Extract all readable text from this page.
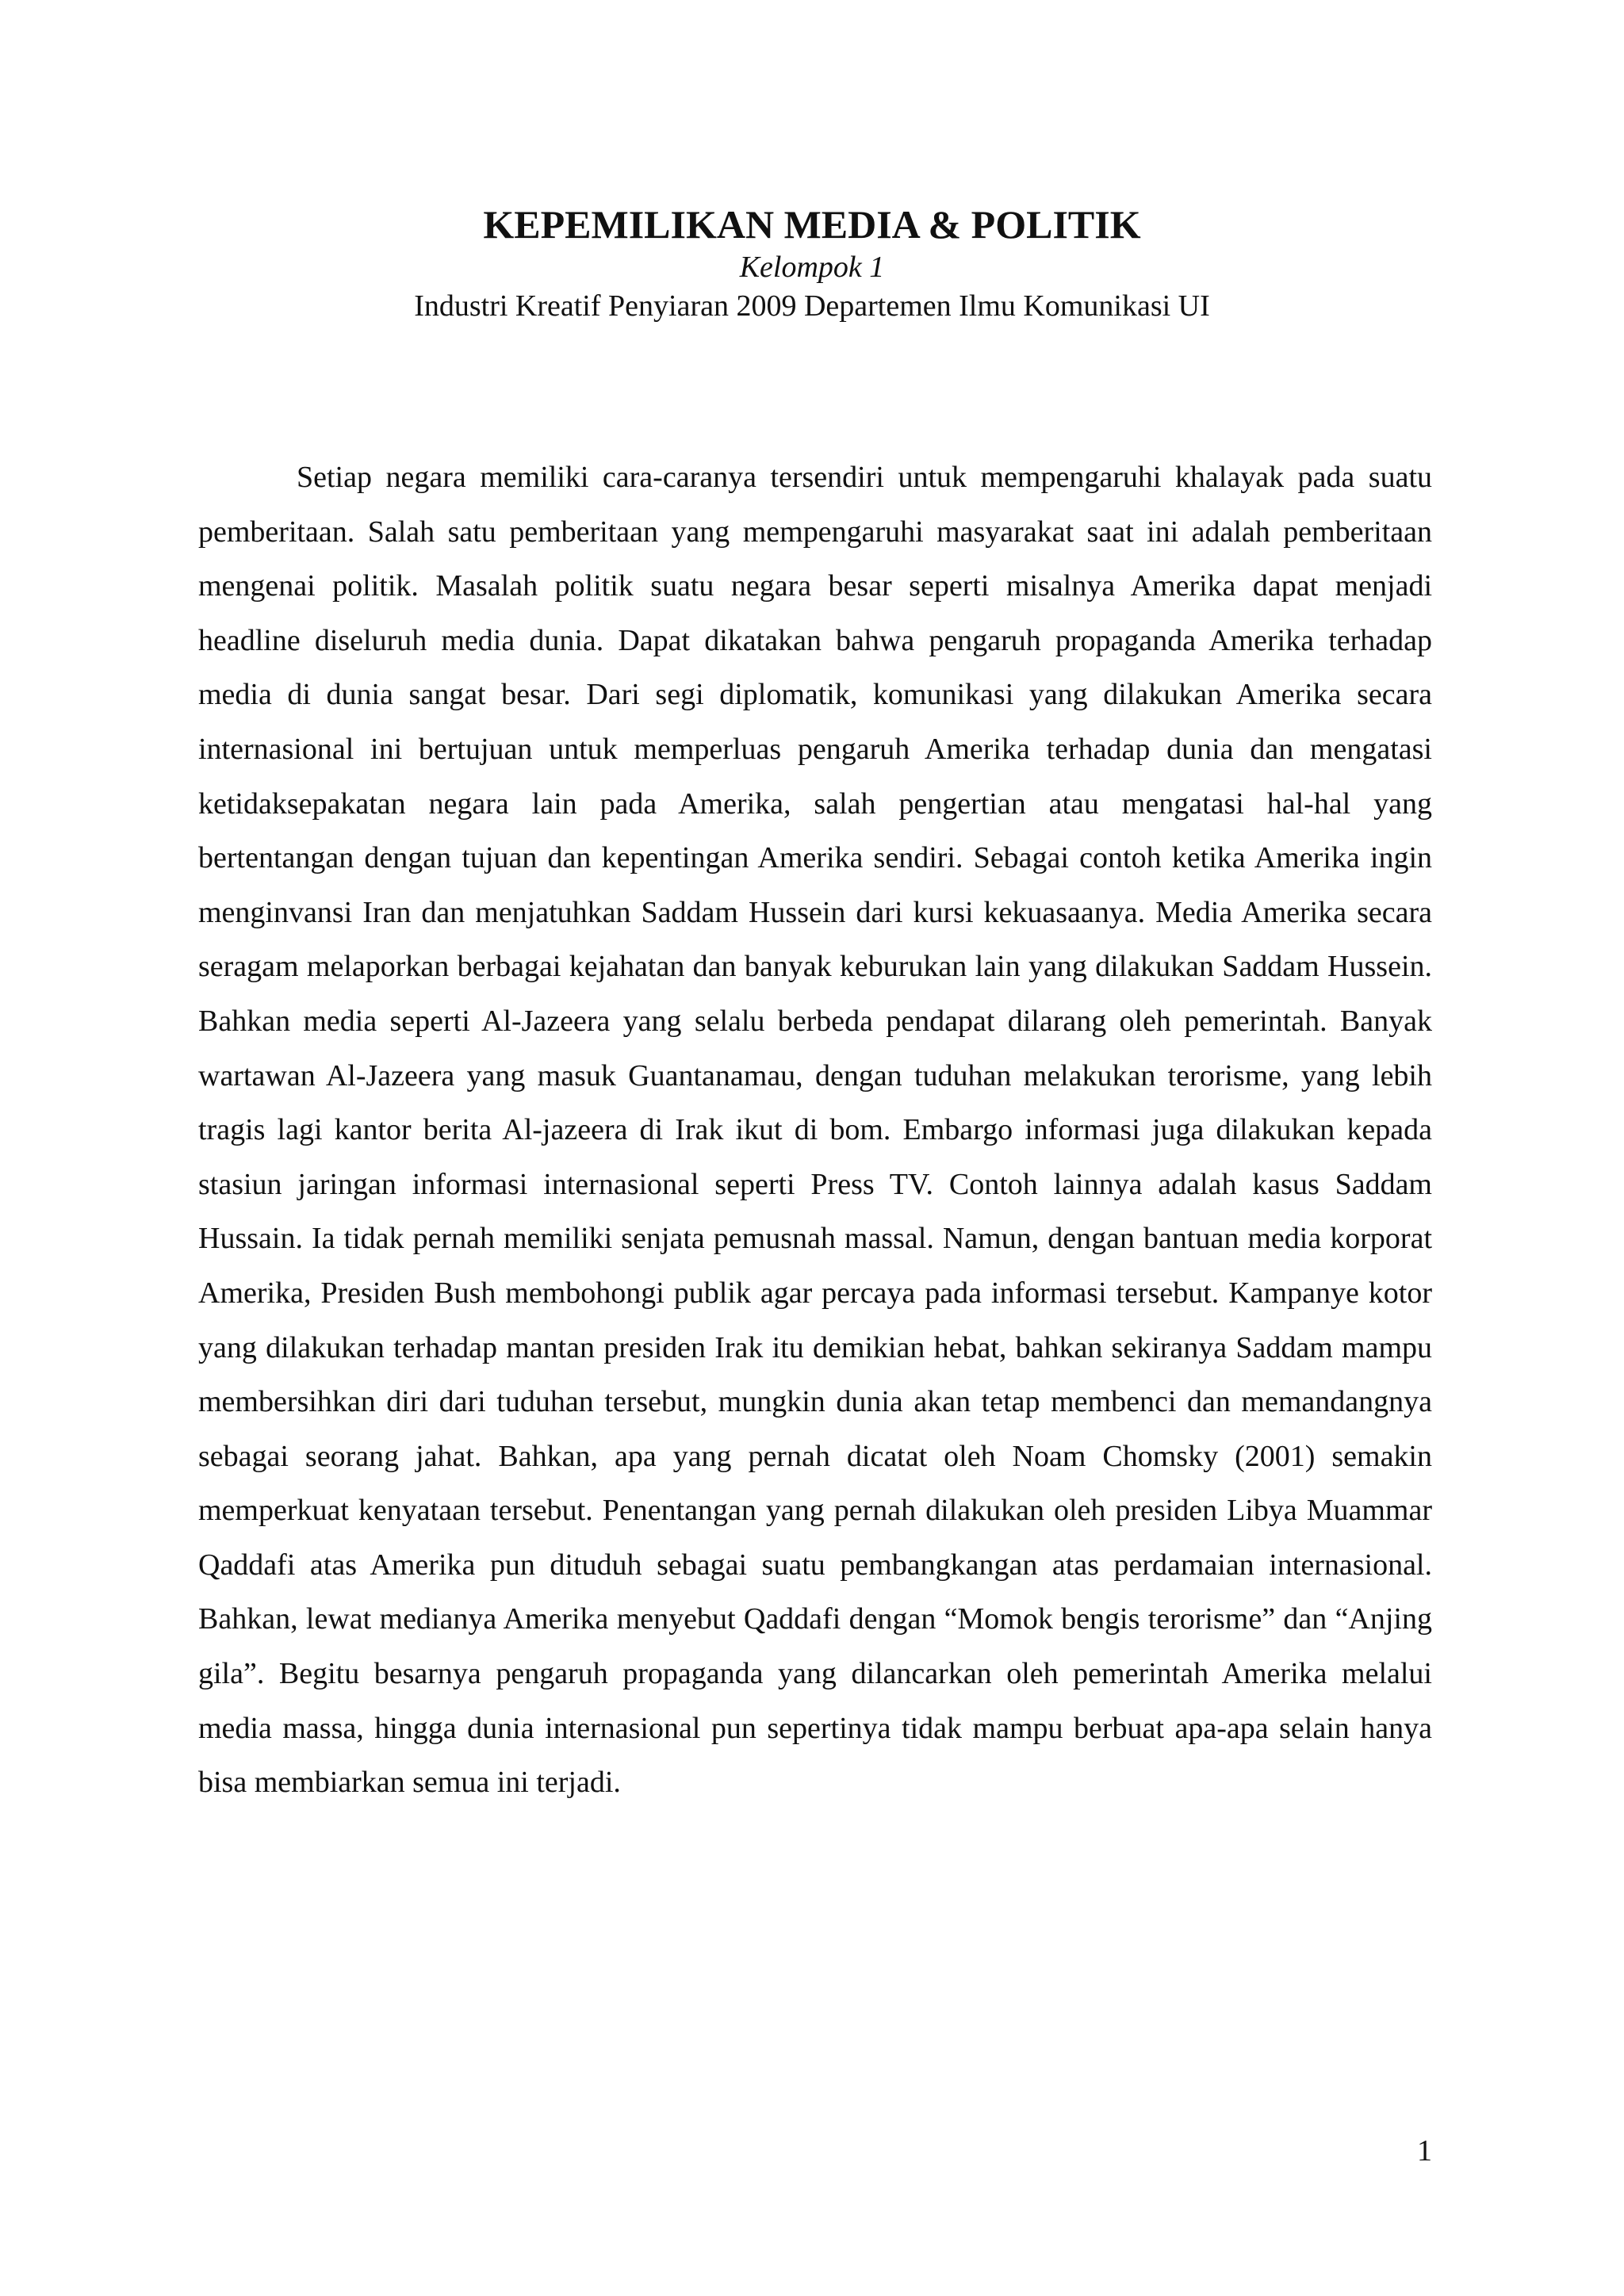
KEPEMILIKAN MEDIA & POLITIK

Kelompok 1

Industri Kreatif Penyiaran 2009 Departemen Ilmu Komunikasi UI

Setiap negara memiliki cara-caranya tersendiri untuk mempengaruhi khalayak pada suatu pemberitaan. Salah satu pemberitaan yang mempengaruhi masyarakat saat ini adalah pemberitaan mengenai politik. Masalah politik suatu negara besar seperti misalnya Amerika dapat menjadi headline diseluruh media dunia. Dapat dikatakan bahwa pengaruh propaganda Amerika terhadap media di dunia sangat besar. Dari segi diplomatik, komunikasi yang dilakukan Amerika secara internasional ini bertujuan untuk memperluas pengaruh Amerika terhadap dunia dan mengatasi ketidaksepakatan negara lain pada Amerika, salah pengertian atau mengatasi hal-hal yang bertentangan dengan tujuan dan kepentingan Amerika sendiri. Sebagai contoh ketika Amerika ingin menginvansi Iran dan menjatuhkan Saddam Hussein dari kursi kekuasaanya. Media Amerika secara seragam melaporkan berbagai kejahatan dan banyak keburukan lain yang dilakukan Saddam Hussein. Bahkan media seperti Al-Jazeera yang selalu berbeda pendapat dilarang oleh pemerintah. Banyak wartawan Al-Jazeera yang masuk Guantanamau, dengan tuduhan melakukan terorisme, yang lebih tragis lagi kantor berita Al-jazeera di Irak ikut di bom. Embargo informasi juga dilakukan kepada stasiun jaringan informasi internasional seperti Press TV. Contoh lainnya adalah kasus Saddam Hussain. Ia tidak pernah memiliki senjata pemusnah massal. Namun, dengan bantuan media korporat Amerika, Presiden Bush membohongi publik agar percaya pada informasi tersebut. Kampanye kotor yang dilakukan terhadap mantan presiden Irak itu demikian hebat, bahkan sekiranya Saddam mampu membersihkan diri dari tuduhan tersebut, mungkin dunia akan tetap membenci dan memandangnya sebagai seorang jahat. Bahkan, apa yang pernah dicatat oleh Noam Chomsky (2001) semakin memperkuat kenyataan tersebut. Penentangan yang pernah dilakukan oleh presiden Libya Muammar Qaddafi atas Amerika pun dituduh sebagai suatu pembangkangan atas perdamaian internasional. Bahkan, lewat medianya Amerika menyebut Qaddafi dengan “Momok bengis terorisme” dan “Anjing gila”. Begitu besarnya pengaruh propaganda yang dilancarkan oleh pemerintah Amerika melalui media massa, hingga dunia internasional pun sepertinya tidak mampu berbuat apa-apa selain hanya bisa membiarkan semua ini terjadi.

1
